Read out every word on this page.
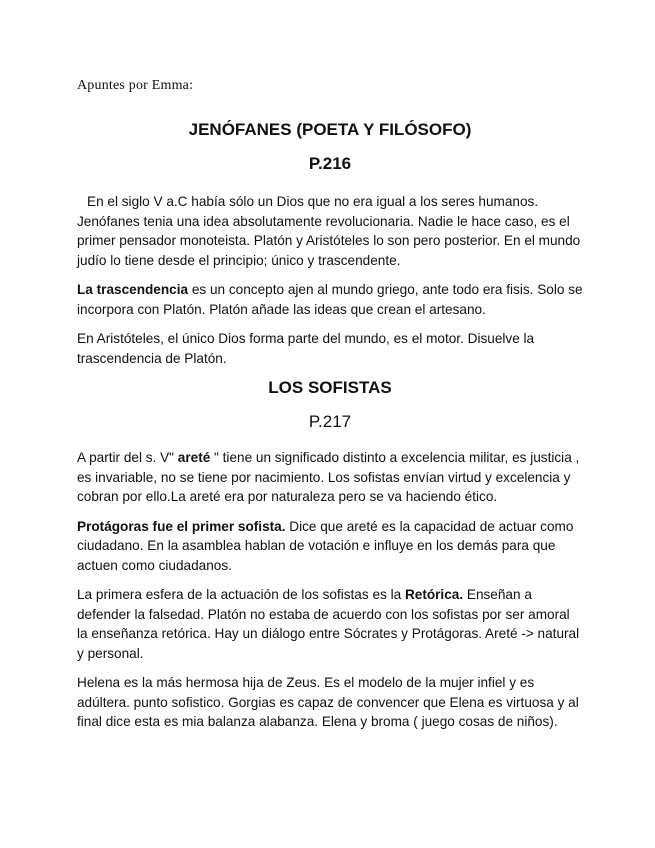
Apuntes por Emma:
JENÓFANES (POETA Y FILÓSOFO)
P.216

En el siglo V a.C había sólo un Dios que no era igual a los seres humanos. Jenófanes tenia una idea absolutamente revolucionaria. Nadie le hace caso, es el primer pensador monoteista. Platón y Aristóteles lo son pero posterior. En el mundo judío lo tiene desde el principio; único y trascendente.

La trascendencia es un concepto ajen al mundo griego, ante todo era fisis. Solo se incorpora con Platón. Platón añade las ideas que crean el artesano.

En Aristóteles, el único Dios forma parte del mundo, es el motor. Disuelve la trascendencia de Platón.

LOS SOFISTAS
P.217

A partir del s. V" areté " tiene un significado distinto a excelencia militar, es justicia , es invariable, no se tiene por nacimiento. Los sofistas envían virtud y excelencia y cobran por ello.La areté era por naturaleza pero se va haciendo ético.

Protágoras fue el primer sofista. Dice que areté es la capacidad de actuar como ciudadano. En la asamblea hablan de votación e influye en los demás para que actuen como ciudadanos.

La primera esfera de la actuación de los sofistas es la Retórica. Enseñan a defender la falsedad. Platón no estaba de acuerdo con los sofistas por ser amoral la enseñanza retórica. Hay un diálogo entre Sócrates y Protágoras. Areté -> natural y personal.

Helena es la más hermosa hija de Zeus. Es el modelo de la mujer infiel y es adúltera. punto sofistico. Gorgias es capaz de convencer que Elena es virtuosa y al final dice esta es mia balanza alabanza. Elena y broma ( juego cosas de niños).
